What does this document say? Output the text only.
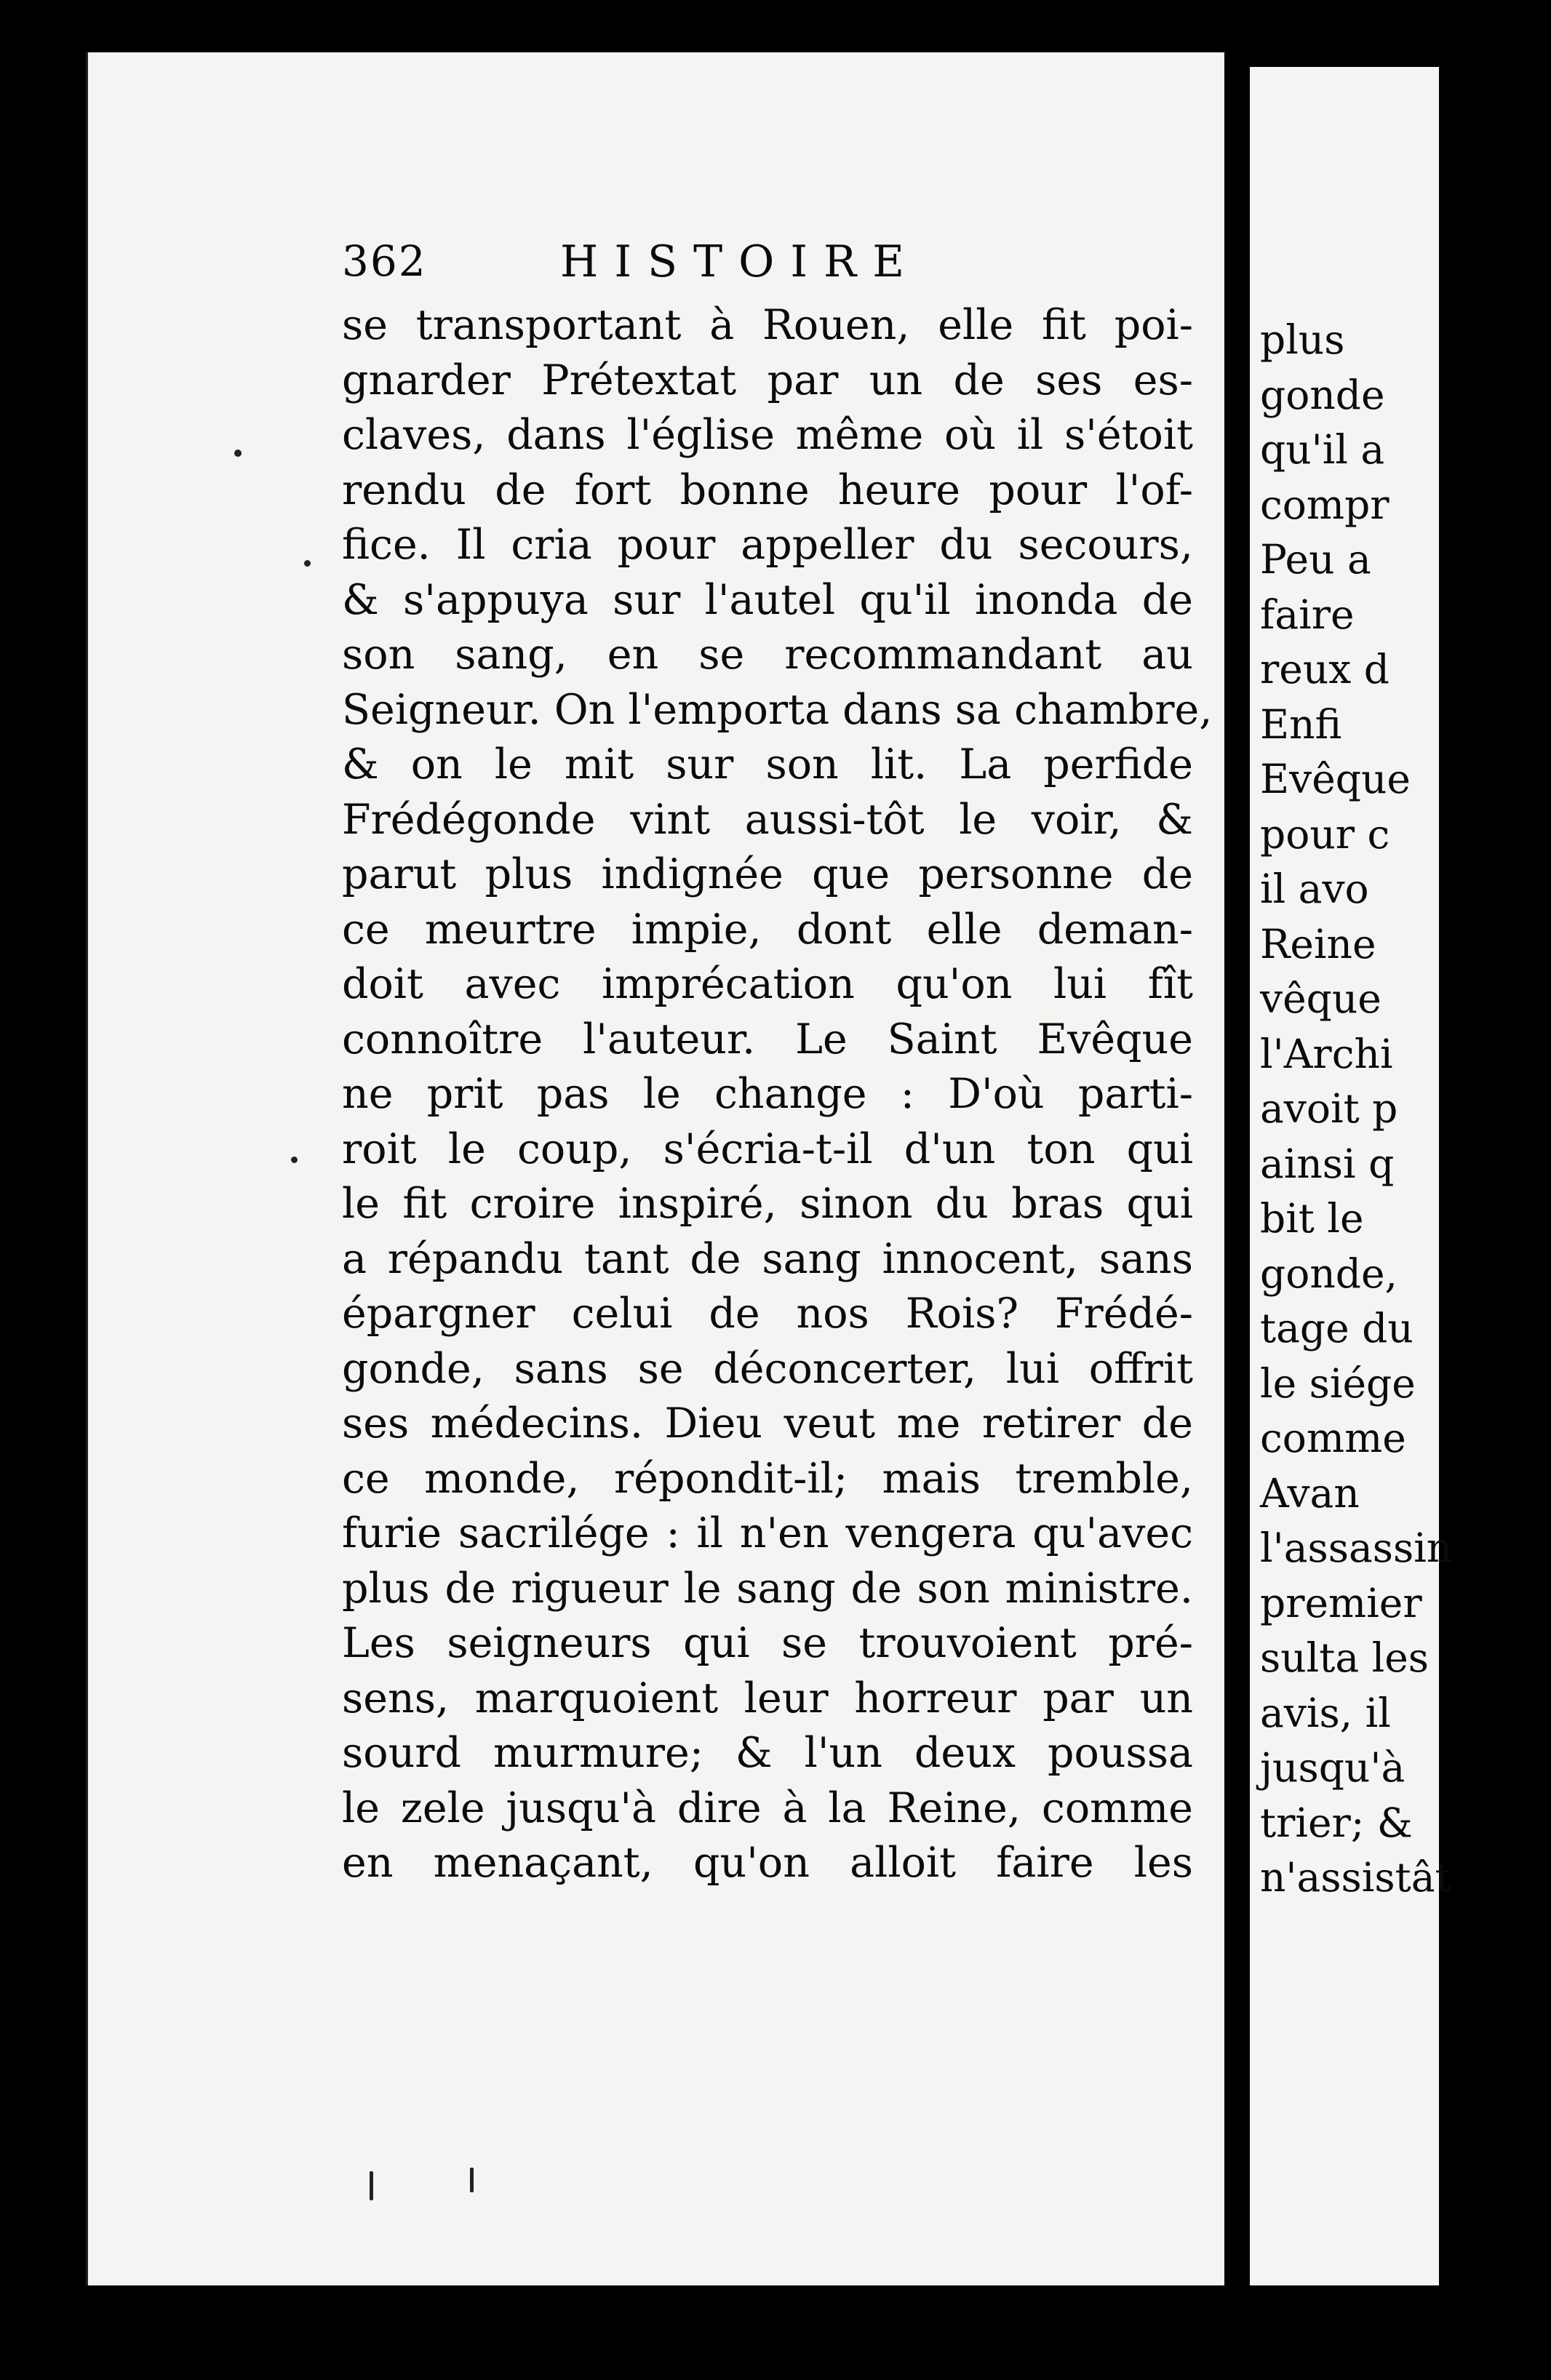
362	HISTOIRE
se transportant à Rouen, elle fit poi-
gnarder Prétextat par un de ses es-
claves, dans l'église même où il s'étoit
rendu de fort bonne heure pour l'of-
fice. Il cria pour appeller du secours,
& s'appuya sur l'autel qu'il inonda de
son sang, en se recommandant au
Seigneur. On l'emporta dans sa chambre,
& on le mit sur son lit. La perfide
Frédégonde vint aussi-tôt le voir, &
parut plus indignée que personne de
ce meurtre impie, dont elle deman-
doit avec imprécation qu'on lui fît
connoître l'auteur. Le Saint Evêque
ne prit pas le change : D'où parti-
roit le coup, s'écria-t-il d'un ton qui
le fit croire inspiré, sinon du bras qui
a répandu tant de sang innocent, sans
épargner celui de nos Rois? Frédé-
gonde, sans se déconcerter, lui offrit
ses médecins. Dieu veut me retirer de
ce monde, répondit-il; mais tremble,
furie sacrilége : il n'en vengera qu'avec
plus de rigueur le sang de son ministre.
Les seigneurs qui se trouvoient pré-
sens, marquoient leur horreur par un
sourd murmure; & l'un deux poussa
le zele jusqu'à dire à la Reine, comme
en menaçant, qu'on alloit faire les
plus
gonde
qu'il a
compr
Peu a
faire
reux d
Enfi
Evêque
pour c
il avo
Reine
vêque
l'Archi
avoit p
ainsi q
bit le
gonde,
tage du
le siége
comme
Avan
l'assassin
premier
sulta les
avis, il
jusqu'à
trier; &
n'assistât
